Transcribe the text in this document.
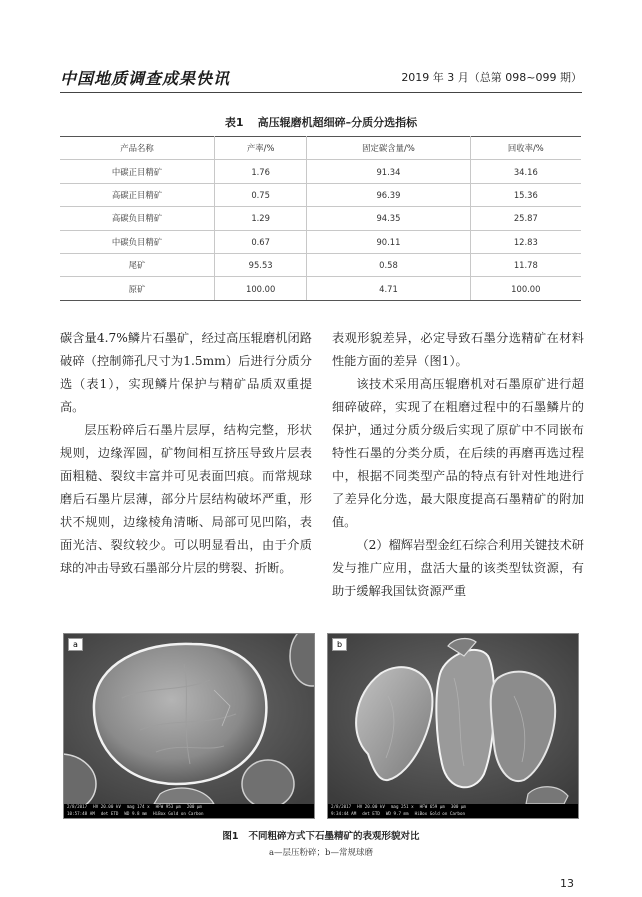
中国地质调查成果快讯	2019 年 3 月（总第 098~099 期）
表1 高压辊磨机超细碎–分质分选指标
产品名称	产率/%	固定碳含量/%	回收率/%
中碳正目精矿	1.76	91.34	34.16
高碳正目精矿	0.75	96.39	15.36
高碳负目精矿	1.29	94.35	25.87
中碳负目精矿	0.67	90.11	12.83
尾矿	95.53	0.58	11.78
原矿	100.00	4.71	100.00

碳含量4.7%鳞片石墨矿，经过高压辊磨机闭路破碎（控制筛孔尺寸为1.5mm）后进行分质分选（表1），实现鳞片保护与精矿品质双重提高。

层压粉碎后石墨片层厚，结构完整，形状规则，边缘浑圆，矿物间相互挤压导致片层表面粗糙、裂纹丰富并可见表面凹痕。而常规球磨后石墨片层薄，部分片层结构破坏严重，形状不规则，边缘棱角清晰、局部可见凹陷，表面光洁、裂纹较少。可以明显看出，由于介质球的冲击导致石墨部分片层的劈裂、折断。

表观形貌差异，必定导致石墨分选精矿在材料性能方面的差异（图1）。

该技术采用高压辊磨机对石墨原矿进行超细碎破碎，实现了在粗磨过程中的石墨鳞片的保护，通过分质分级后实现了原矿中不同嵌布特性石墨的分类分质，在后续的再磨再选过程中，根据不同类型产品的特点有针对性地进行了差异化分选，最大限度提高石墨精矿的附加值。

（2）榴辉岩型金红石综合利用关键技术研发与推广应用，盘活大量的该类型钛资源，有助于缓解我国钛资源严重

a
2/8/2017 HV 20.00 kV mag 174 x HFW 953 μm 200 μm
10:57:48 AM det ETD WD 9.8 mm HiBox Gold on Carbon
b
2/8/2017 HV 20.00 kV mag 251 x HFW 659 μm 300 μm
9:34:44 AM det ETD WD 9.7 mm HiBox Gold on Carbon
图1 不同粗碎方式下石墨精矿的表观形貌对比
a—层压粉碎；b—常规球磨
13
